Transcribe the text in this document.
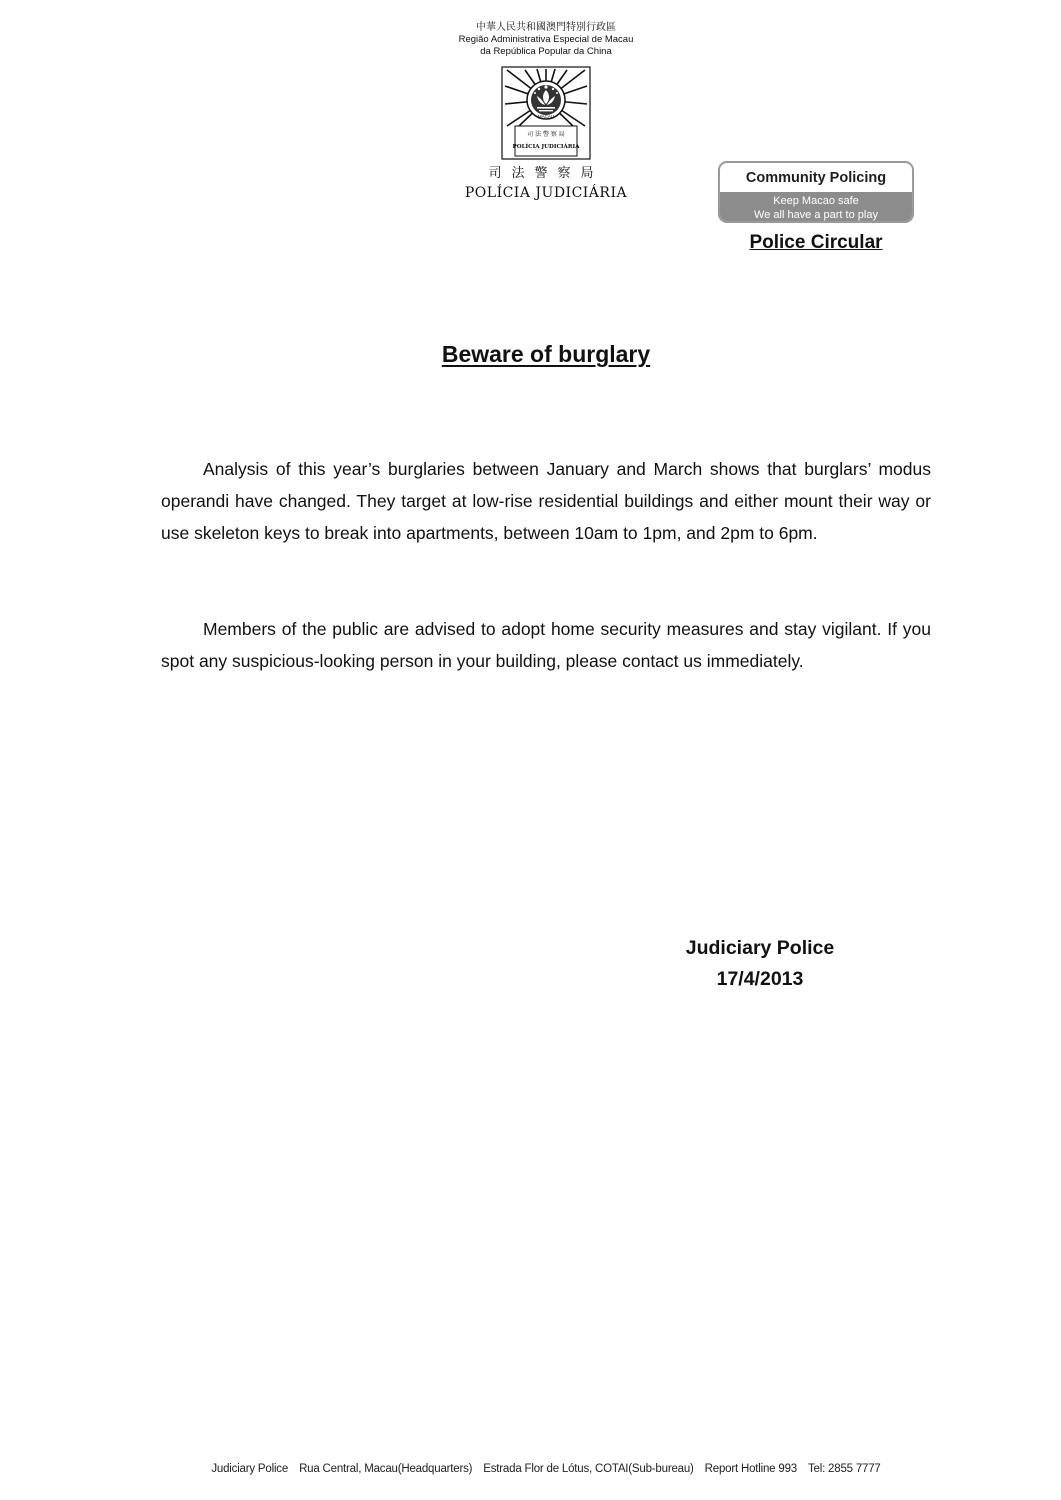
中華人民共和國澳門特別行政區
Região Administrativa Especial de Macau
da República Popular da China
MACAU
司 法 警 察 局
POLÍCIA JUDICIÁRIA
司法警察局
POLÍCIA JUDICIÁRIA
Community Policing
Keep Macao safe
We all have a part to play
Police Circular
Beware of burglary

Analysis of this year’s burglaries between January and March shows that burglars’ modus operandi have changed. They target at low-rise residential buildings and either mount their way or use skeleton keys to break into apartments, between 10am to 1pm, and 2pm to 6pm.

Members of the public are advised to adopt home security measures and stay vigilant. If you spot any suspicious-looking person in your building, please contact us immediately.

Judiciary Police
17/4/2013
Judiciary Police Rua Central, Macau(Headquarters) Estrada Flor de Lótus, COTAI(Sub-bureau) Report Hotline 993 Tel: 2855 7777
